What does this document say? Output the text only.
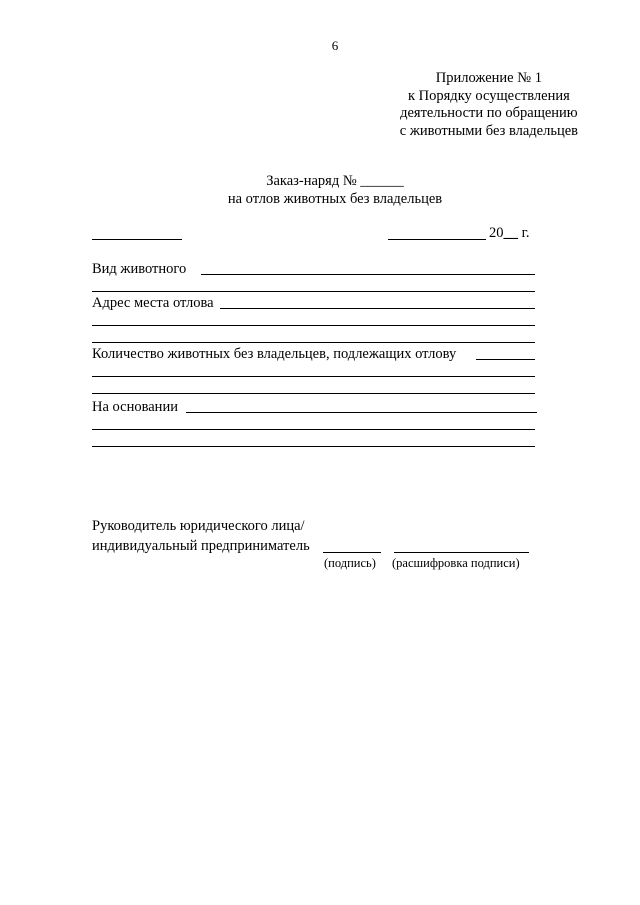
6
Приложение № 1
к Порядку осуществления
деятельности по обращению
с животными без владельцев
Заказ-наряд № ______
на отлов животных без владельцев
20__ г.
Вид животного
Адрес места отлова
Количество животных без владельцев, подлежащих отлову
На основании
Руководитель юридического лица/
индивидуальный предприниматель
(подпись) (расшифровка подписи)
